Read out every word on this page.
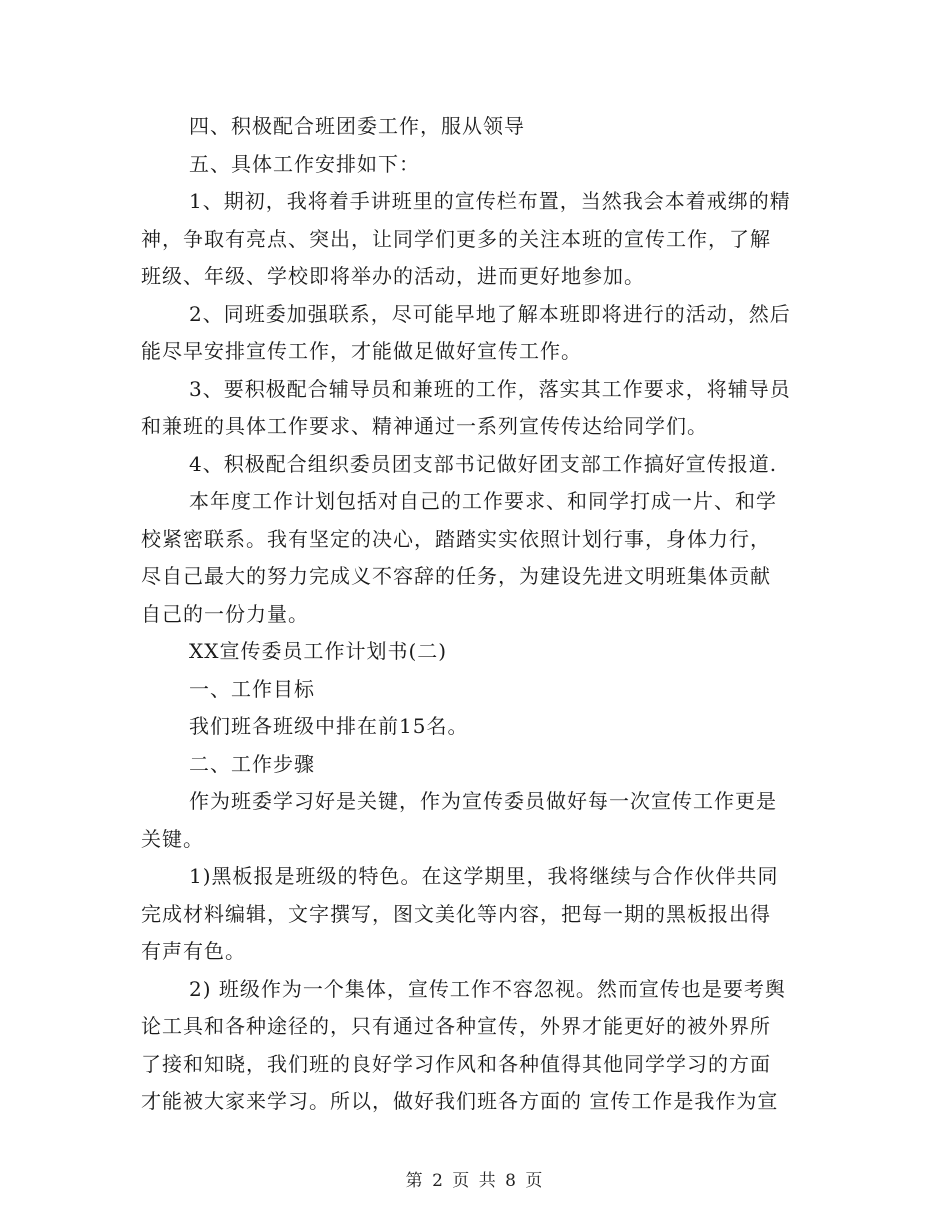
四、积极配合班团委工作，服从领导

五、具体工作安排如下：

1、期初，我将着手讲班里的宣传栏布置，当然我会本着戒绑的精

神，争取有亮点、突出，让同学们更多的关注本班的宣传工作，了解

班级、年级、学校即将举办的活动，进而更好地参加。

2、同班委加强联系，尽可能早地了解本班即将进行的活动，然后

能尽早安排宣传工作，才能做足做好宣传工作。

3、要积极配合辅导员和兼班的工作，落实其工作要求，将辅导员

和兼班的具体工作要求、精神通过一系列宣传传达给同学们。

4、积极配合组织委员团支部书记做好团支部工作搞好宣传报道.

本年度工作计划包括对自己的工作要求、和同学打成一片、和学

校紧密联系。我有坚定的决心，踏踏实实依照计划行事，身体力行，

尽自己最大的努力完成义不容辞的任务，为建设先进文明班集体贡献

自己的一份力量。

XX宣传委员工作计划书(二)

一、工作目标

我们班各班级中排在前15名。

二、工作步骤

作为班委学习好是关键，作为宣传委员做好每一次宣传工作更是

关键。

1)黑板报是班级的特色。在这学期里，我将继续与合作伙伴共同

完成材料编辑，文字撰写，图文美化等内容，把每一期的黑板报出得

有声有色。

2) 班级作为一个集体，宣传工作不容忽视。然而宣传也是要考舆

论工具和各种途径的，只有通过各种宣传，外界才能更好的被外界所

了接和知晓，我们班的良好学习作风和各种值得其他同学学习的方面

才能被大家来学习。所以，做好我们班各方面的 宣传工作是我作为宣

第 2 页 共 8 页
